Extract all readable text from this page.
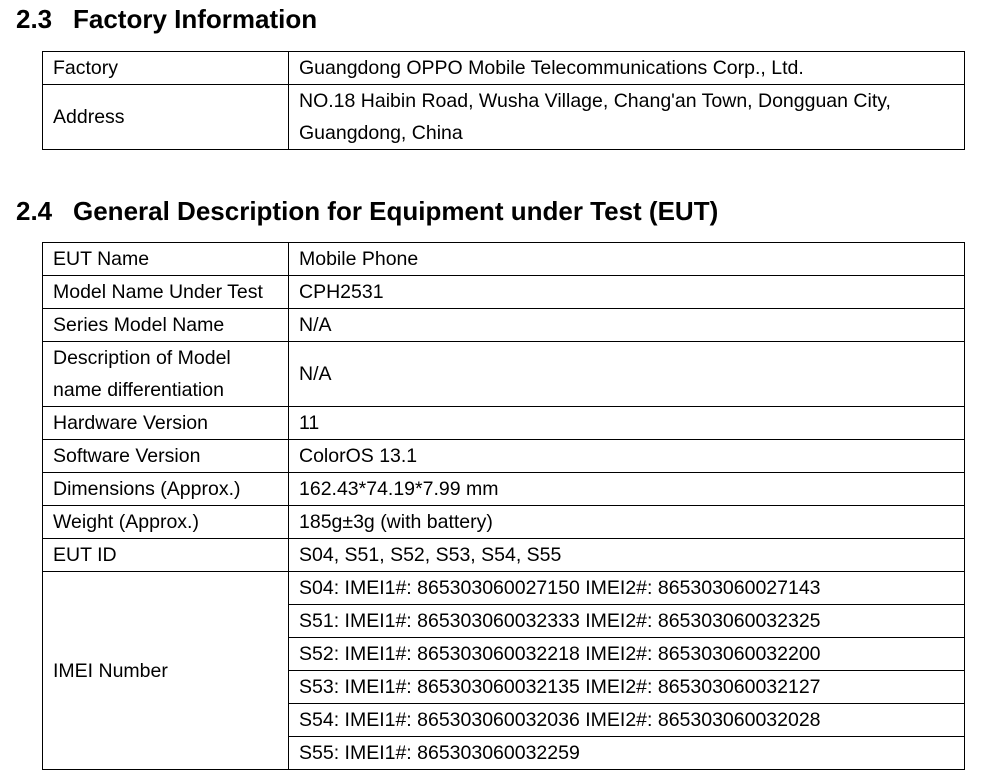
2.3 Factory Information
Factory	Guangdong OPPO Mobile Telecommunications Corp., Ltd.
Address	NO.18 Haibin Road, Wusha Village, Chang'an Town, Dongguan City, Guangdong, China
2.4 General Description for Equipment under Test (EUT)
EUT Name	Mobile Phone
Model Name Under Test	CPH2531
Series Model Name	N/A
Description of Model name differentiation	N/A
Hardware Version	11
Software Version	ColorOS 13.1
Dimensions (Approx.)	162.43*74.19*7.99 mm
Weight (Approx.)	185g±3g (with battery)
EUT ID	S04, S51, S52, S53, S54, S55
IMEI Number	S04: IMEI1#: 865303060027150 IMEI2#: 865303060027143
	S51: IMEI1#: 865303060032333 IMEI2#: 865303060032325
	S52: IMEI1#: 865303060032218 IMEI2#: 865303060032200
	S53: IMEI1#: 865303060032135 IMEI2#: 865303060032127
	S54: IMEI1#: 865303060032036 IMEI2#: 865303060032028
	S55: IMEI1#: 865303060032259
